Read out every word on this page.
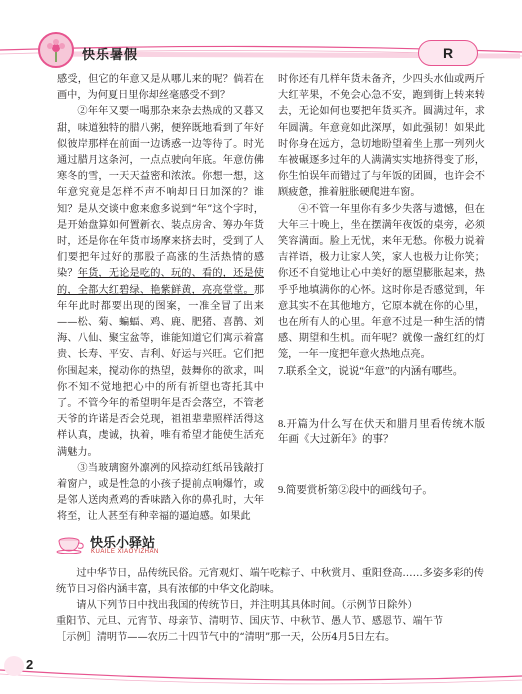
快乐暑假	R

感受，但它的年意又是从哪儿来的呢？倘若在画中，为何夏日里你却丝毫感受不到？

②年年又要一喝那杂来杂去热成的又暮又甜，味道独特的腊八粥，便猝既地看到了年好似彼岸那样在前面一边诱惑一边等待了。时光通过腊月这条河，一点点驶向年底。年意仿佛寒冬的雪，一天天益密和浓浓。你想一想，这年意究竟是怎样不声不响却日日加深的？谁知？是从交谈中愈来愈多说到“年”这个字时，是开始盘算如何置新衣、装点房舍、筹办年货时，还是你在年货市场摩来挤去时，受到了人们要把年过好的那股子高涨的生活热情的感染？年货，无论是吃的、玩的、看的，还是使的，全都大红碧绿、艳紫鲜黄，亮亮堂堂。那年年此时都要出现的图案，一准全冒了出来——松、菊、蝙蝠、鸡、鹿、肥猪、喜鹊、刘海、八仙、聚宝盆等，谁能知道它们寓示着富贵、长寿、平安、吉利、好运与兴旺。它们把你围起来，搅动你的热望，鼓舞你的欲求，叫你不知不觉地把心中的所有祈望也寄托其中了。不管今年的希望明年是否会落空，不管老天爷的许诺是否会兑现，祖祖辈辈照样活得这样认真，虔诚，执着，唯有希望才能使生活充满魅力。

③当玻璃窗外凛冽的风捺动红纸吊钱敲打着窗户，或是性急的小孩子提前点响爆竹，或是邻人送肉煮鸡的香味踏入你的鼻孔时，大年将至，让人甚至有种幸福的逼迫感。如果此

时你还有几样年货未备齐，少四头水仙或两斤大红苹果，不免会心急不安，跑到街上转来转去，无论如何也要把年货买齐。圆满过年，求年圆满。年意竟如此深厚，如此强韧！如果此时你身在远方，急切地盼望着坐上那一列列火车被碾逐多过年的人满满实实地挤得变了形，你生怕误年而错过了与年饭的团圆，也许会不顾疲惫，推着脏胀硬爬进车窗。

④不管一年里你有多少失落与遗憾，但在大年三十晚上，坐在摆满年夜饭的桌旁，必须笑容满面。脸上无忧，来年无愁。你极力说着吉祥语，极力让家人笑，家人也极力让你笑；你还不自觉地让心中美好的愿望膨胀起来，热乎乎地填满你的心怀。这时你是否感觉到，年意其实不在其他地方，它原本就在你的心里，也在所有人的心里。年意不过是一种生活的情感、期望和生机。而年呢？就像一盏红红的灯笼，一年一度把年意火热地点亮。

7.联系全文，说说“年意”的内涵有哪些。

8.开篇为什么写在伏天和腊月里看传统木版年画《大过新年》的事？

9.简要赏析第②段中的画线句子。

快乐小驿站
KUAILE XIAOYIZHAN

过中华节日，品传统民俗。元宵观灯、端午吃粽子、中秋赏月、重阳登高……多姿多彩的传统节日习俗内涵丰富，具有浓郁的中华文化韵味。

请从下列节日中找出我国的传统节日，并注明其具体时间。（示例节日除外）

重阳节、元旦、元宵节、母亲节、清明节、国庆节、中秋节、愚人节、感恩节、端午节

［示例］清明节——农历二十四节气中的“清明”那一天，公历4月5日左右。

2
